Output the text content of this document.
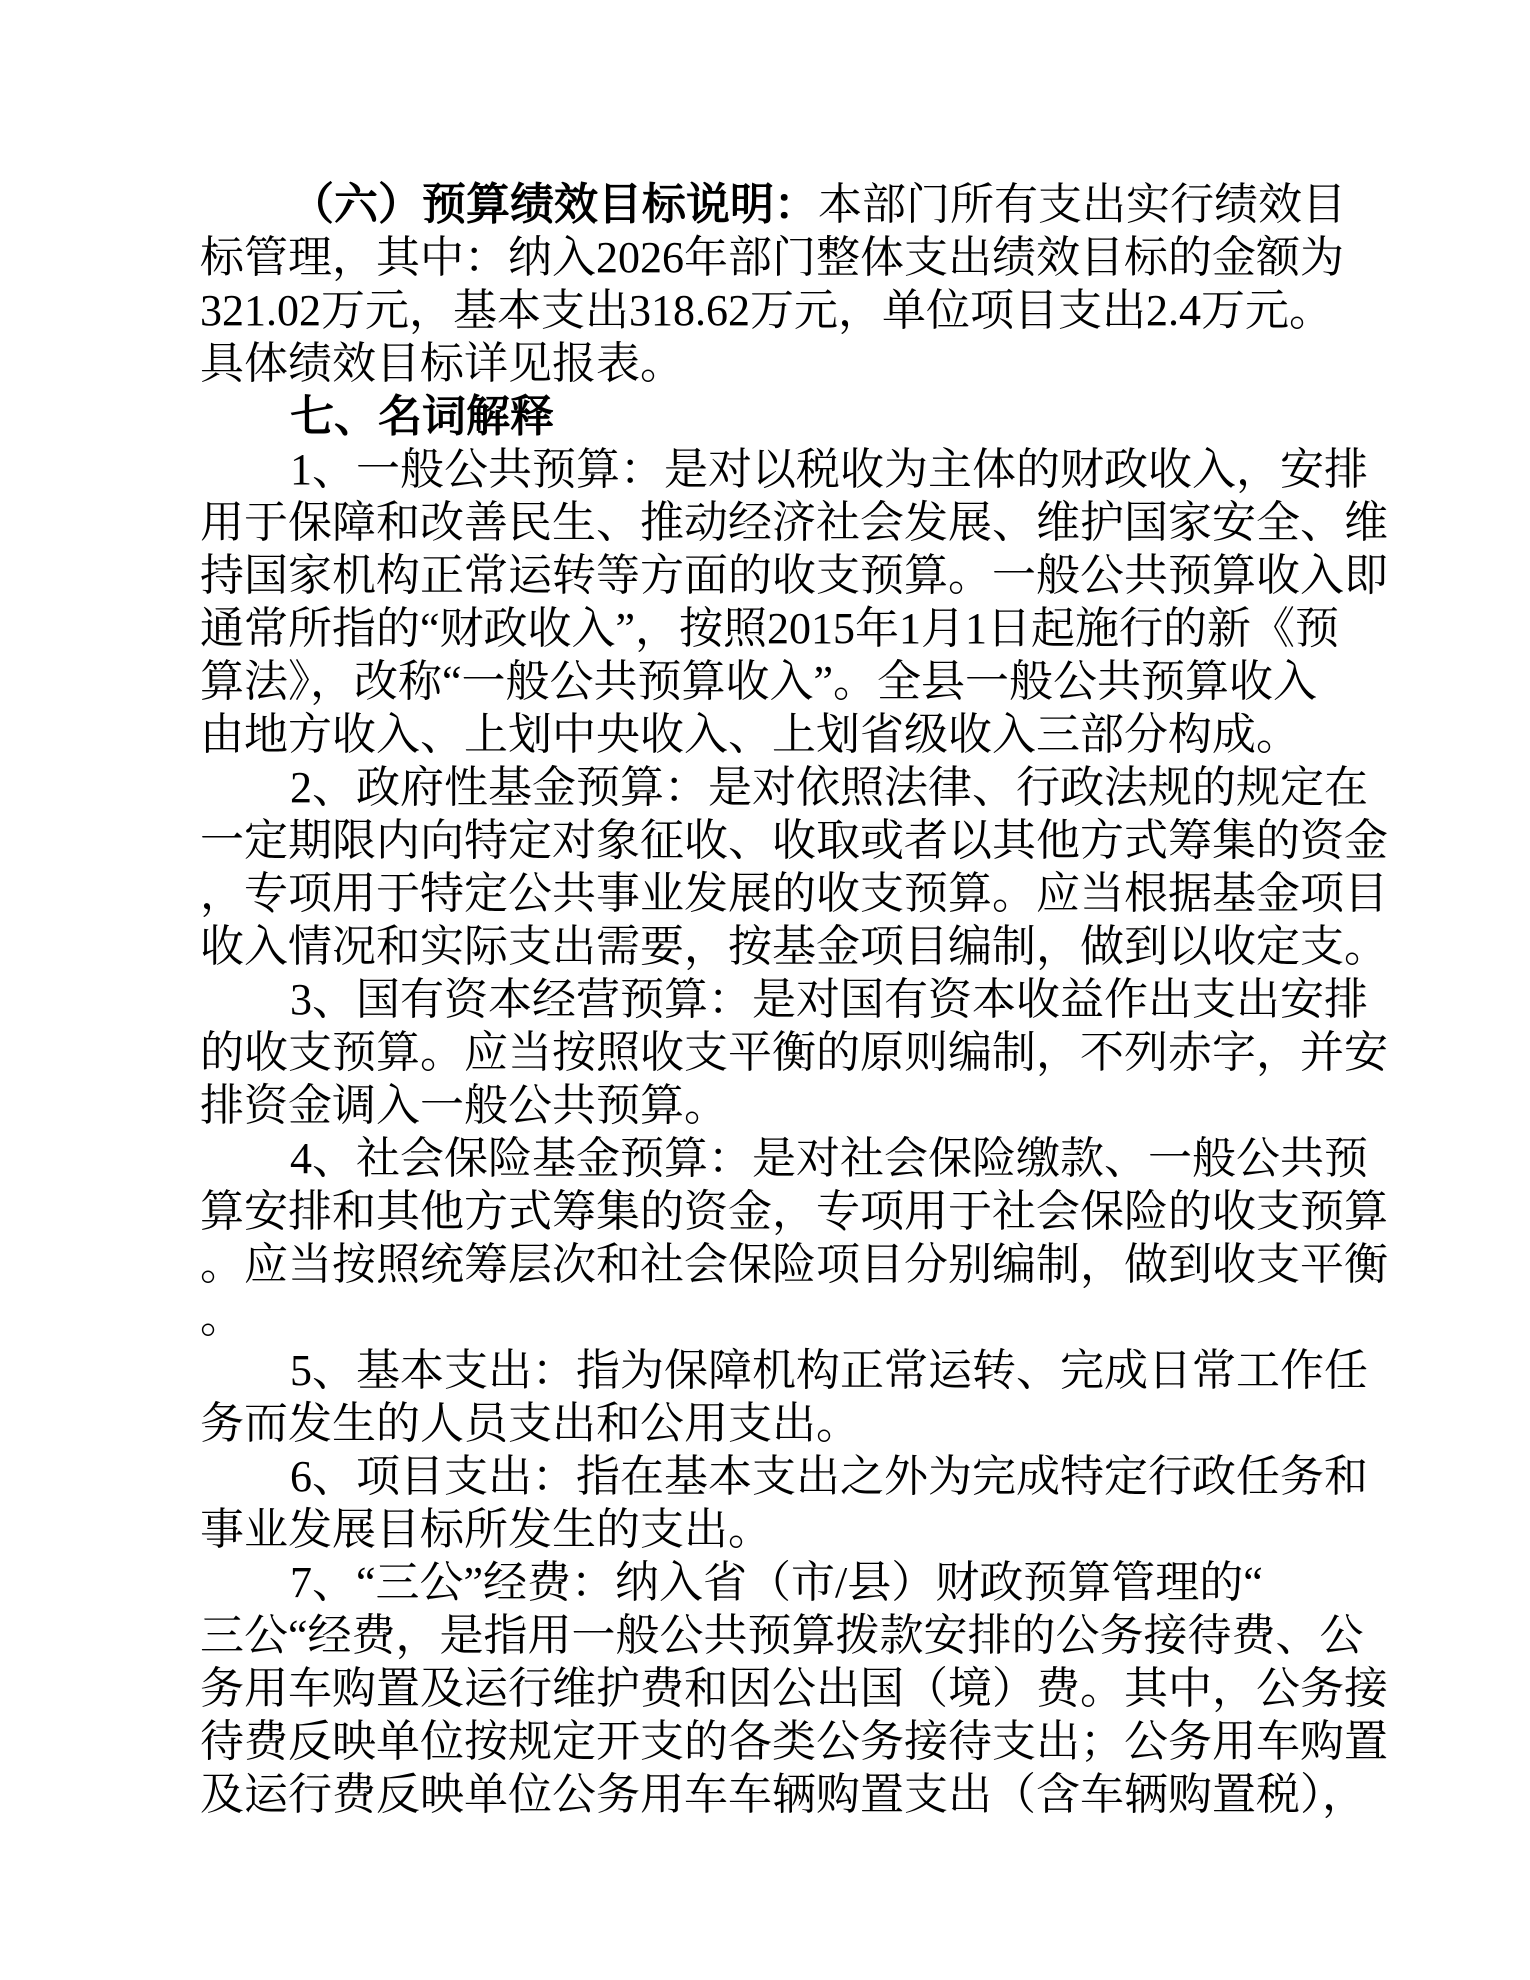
（六）预算绩效目标说明：本部门所有支出实行绩效目
标管理，其中：纳入2026年部门整体支出绩效目标的金额为
321.02万元，基本支出318.62万元，单位项目支出2.4万元。
具体绩效目标详见报表。
七、名词解释
1、一般公共预算：是对以税收为主体的财政收入，安排
用于保障和改善民生、推动经济社会发展、维护国家安全、维
持国家机构正常运转等方面的收支预算。一般公共预算收入即
通常所指的“财政收入”，按照2015年1月1日起施行的新《预
算法》，改称“一般公共预算收入”。全县一般公共预算收入
由地方收入、上划中央收入、上划省级收入三部分构成。
2、政府性基金预算：是对依照法律、行政法规的规定在
一定期限内向特定对象征收、收取或者以其他方式筹集的资金
，专项用于特定公共事业发展的收支预算。应当根据基金项目
收入情况和实际支出需要，按基金项目编制，做到以收定支。
3、国有资本经营预算：是对国有资本收益作出支出安排
的收支预算。应当按照收支平衡的原则编制，不列赤字，并安
排资金调入一般公共预算。
4、社会保险基金预算：是对社会保险缴款、一般公共预
算安排和其他方式筹集的资金，专项用于社会保险的收支预算
。应当按照统筹层次和社会保险项目分别编制，做到收支平衡
。
5、基本支出：指为保障机构正常运转、完成日常工作任
务而发生的人员支出和公用支出。
6、项目支出：指在基本支出之外为完成特定行政任务和
事业发展目标所发生的支出。
7、“三公”经费：纳入省（市/县）财政预算管理的“
三公“经费，是指用一般公共预算拨款安排的公务接待费、公
务用车购置及运行维护费和因公出国（境）费。其中，公务接
待费反映单位按规定开支的各类公务接待支出；公务用车购置
及运行费反映单位公务用车车辆购置支出（含车辆购置税），
